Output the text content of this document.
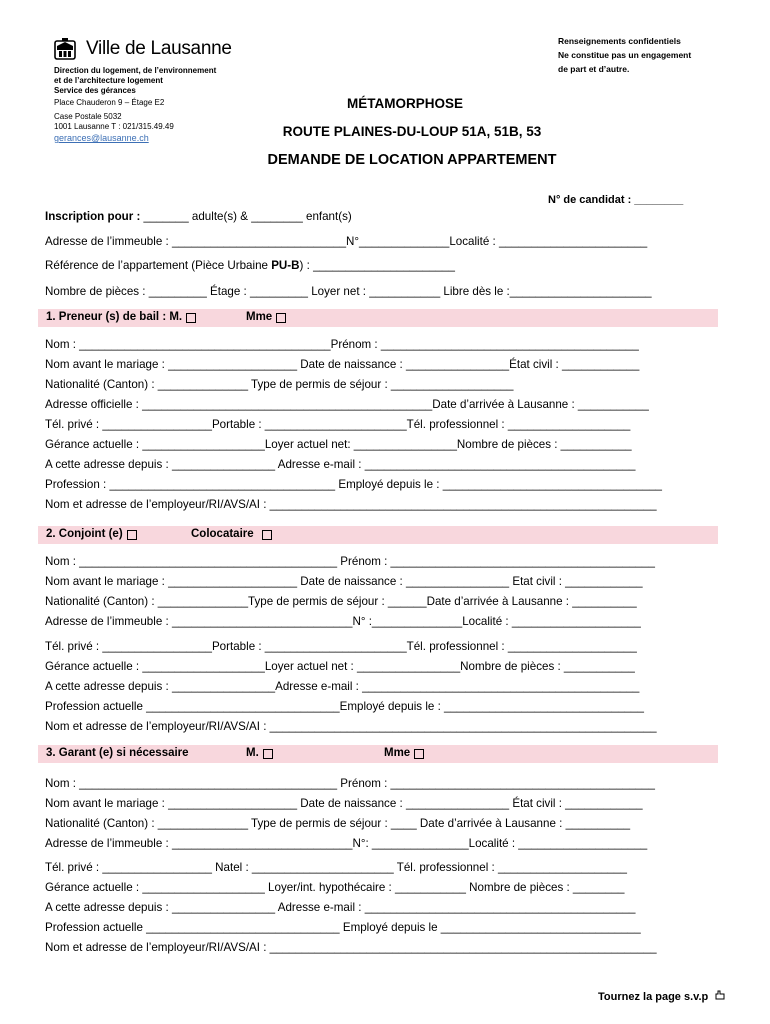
Ville de Lausanne
Direction du logement, de l’environnement
et de l’architecture logement
Service des gérances
Place Chauderon 9 – Étage E2
Case Postale 5032
1001 Lausanne T : 021/315.49.49
gerances@lausanne.ch
Renseignements confidentiels
Ne constitue pas un engagement
de part et d’autre.
MÉTAMORPHOSE
ROUTE PLAINES-DU-LOUP 51A, 51B, 53
DEMANDE DE LOCATION APPARTEMENT
N° de candidat : ________
Inscription pour : _______ adulte(s) & ________ enfant(s)
Adresse de l’immeuble : ___________________________N°______________Localité : _______________________
Référence de l’appartement (Pièce Urbaine PU-B) : ______________________
Nombre de pièces : _________ Étage : _________ Loyer net : ___________ Libre dès le :______________________
1. Preneur (s) de bail : M.	Mme
Nom : _______________________________________Prénom : ________________________________________
Nom avant le mariage : ____________________ Date de naissance : ________________État civil : ____________
Nationalité (Canton) : ______________ Type de permis de séjour : ___________________
Adresse officielle : _____________________________________________Date d’arrivée à Lausanne : ___________
Tél. privé : _________________Portable : ______________________Tél. professionnel : ___________________
Gérance actuelle : ___________________Loyer actuel net: ________________Nombre de pièces : ___________
A cette adresse depuis : ________________ Adresse e-mail : __________________________________________
Profession : ___________________________________ Employé depuis le : __________________________________
Nom et adresse de l’employeur/RI/AVS/AI : ____________________________________________________________
2. Conjoint (e)	Colocataire
Nom : ________________________________________ Prénom : _________________________________________
Nom avant le mariage : ____________________ Date de naissance : ________________ Etat civil : ____________
Nationalité (Canton) : ______________Type de permis de séjour : ______Date d’arrivée à Lausanne : __________
Adresse de l’immeuble : ____________________________N° :______________Localité : ____________________
Tél. privé : _________________Portable : ______________________Tél. professionnel : ____________________
Gérance actuelle : ___________________Loyer actuel net : ________________Nombre de pièces : ___________
A cette adresse depuis : ________________Adresse e-mail : ___________________________________________
Profession actuelle ______________________________Employé depuis le : _______________________________
Nom et adresse de l’employeur/RI/AVS/AI : ____________________________________________________________
3. Garant (e) si nécessaire	M.	Mme
Nom : ________________________________________ Prénom : _________________________________________
Nom avant le mariage : ____________________ Date de naissance : ________________ État civil : ____________
Nationalité (Canton) : ______________ Type de permis de séjour : ____ Date d’arrivée à Lausanne : __________
Adresse de l’immeuble : ____________________________N°: _______________Localité : ____________________
Tél. privé : _________________ Natel : ______________________ Tél. professionnel : ____________________
Gérance actuelle : ___________________ Loyer/int. hypothécaire : ___________ Nombre de pièces : ________
A cette adresse depuis : ________________ Adresse e-mail : __________________________________________
Profession actuelle ______________________________ Employé depuis le _______________________________
Nom et adresse de l’employeur/RI/AVS/AI : ____________________________________________________________
Tournez la page s.v.p
